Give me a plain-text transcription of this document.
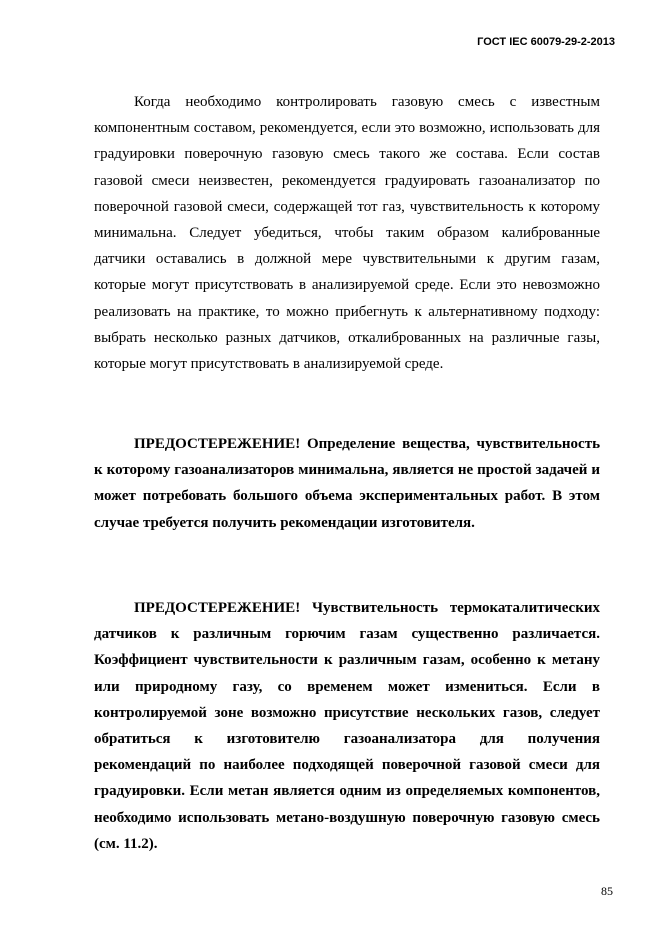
ГОСТ IEC 60079-29-2-2013

Когда необходимо контролировать газовую смесь с известным компонентным составом, рекомендуется, если это возможно, использовать для градуировки поверочную газовую смесь такого же состава. Если состав газовой смеси неизвестен, рекомендуется градуировать газоанализатор по поверочной газовой смеси, содержащей тот газ, чувствительность к которому минимальна. Следует убедиться, чтобы таким образом калиброванные датчики оставались в должной мере чувствительными к другим газам, которые могут присутствовать в анализируемой среде. Если это невозможно реализовать на практике, то можно прибегнуть к альтернативному подходу: выбрать несколько разных датчиков, откалиброванных на различные газы, которые могут присутствовать в анализируемой среде.

ПРЕДОСТЕРЕЖЕНИЕ! Определение вещества, чувствительность к которому газоанализаторов минимальна, является не простой задачей и может потребовать большого объема экспериментальных работ. В этом случае требуется получить рекомендации изготовителя.

ПРЕДОСТЕРЕЖЕНИЕ! Чувствительность термокаталитических датчиков к различным горючим газам существенно различается. Коэффициент чувствительности к различным газам, особенно к метану или природному газу, со временем может измениться. Если в контролируемой зоне возможно присутствие нескольких газов, следует обратиться к изготовителю газоанализатора для получения рекомендаций по наиболее подходящей поверочной газовой смеси для градуировки. Если метан является одним из определяемых компонентов, необходимо использовать метано-воздушную поверочную газовую смесь (см. 11.2).

85
